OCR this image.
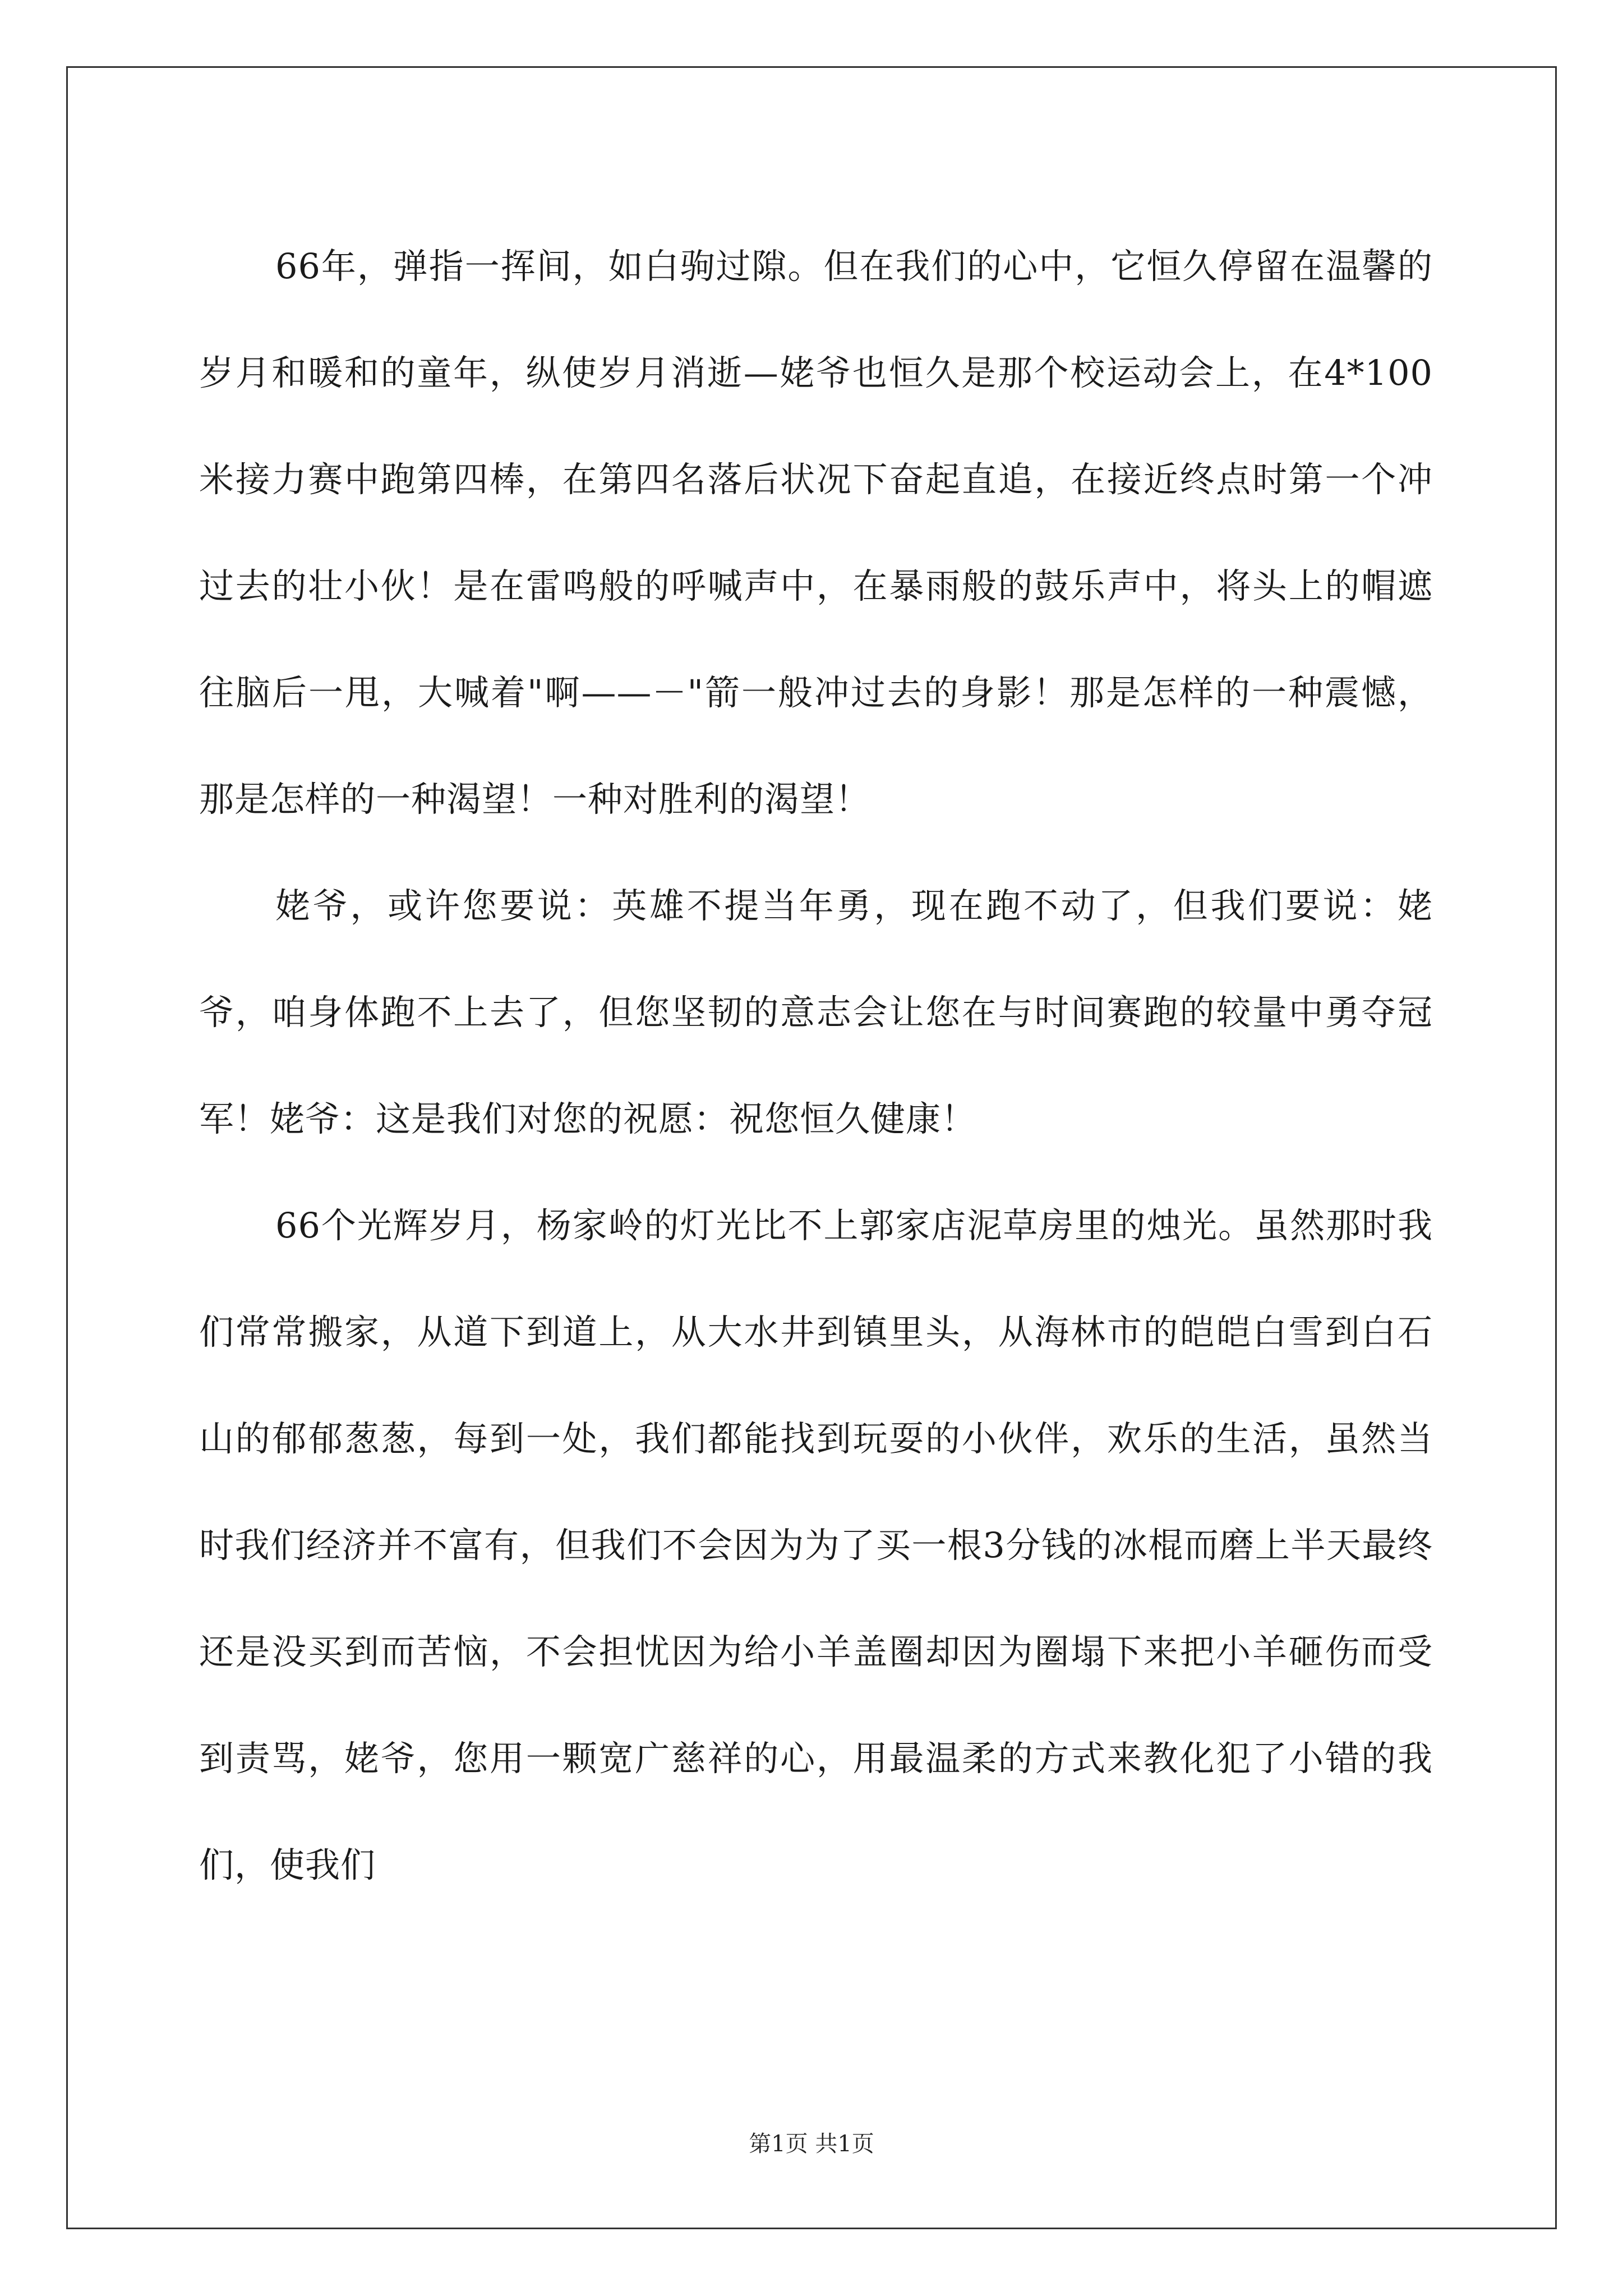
66年，弹指一挥间，如白驹过隙。但在我们的心中，它恒久停留在温馨的岁月和暖和的童年，纵使岁月消逝—姥爷也恒久是那个校运动会上，在4*100米接力赛中跑第四棒，在第四名落后状况下奋起直追，在接近终点时第一个冲过去的壮小伙！是在雷鸣般的呼喊声中，在暴雨般的鼓乐声中，将头上的帽遮往脑后一甩，大喊着"啊——－"箭一般冲过去的身影！那是怎样的一种震憾，那是怎样的一种渴望！一种对胜利的渴望！

姥爷，或许您要说：英雄不提当年勇，现在跑不动了，但我们要说：姥爷，咱身体跑不上去了，但您坚韧的意志会让您在与时间赛跑的较量中勇夺冠军！姥爷：这是我们对您的祝愿：祝您恒久健康！

66个光辉岁月，杨家岭的灯光比不上郭家店泥草房里的烛光。虽然那时我们常常搬家，从道下到道上，从大水井到镇里头，从海林市的皑皑白雪到白石山的郁郁葱葱，每到一处，我们都能找到玩耍的小伙伴，欢乐的生活，虽然当时我们经济并不富有，但我们不会因为为了买一根3分钱的冰棍而磨上半天最终还是没买到而苦恼，不会担忧因为给小羊盖圈却因为圈塌下来把小羊砸伤而受到责骂，姥爷，您用一颗宽广慈祥的心，用最温柔的方式来教化犯了小错的我们，使我们

第1页 共1页
